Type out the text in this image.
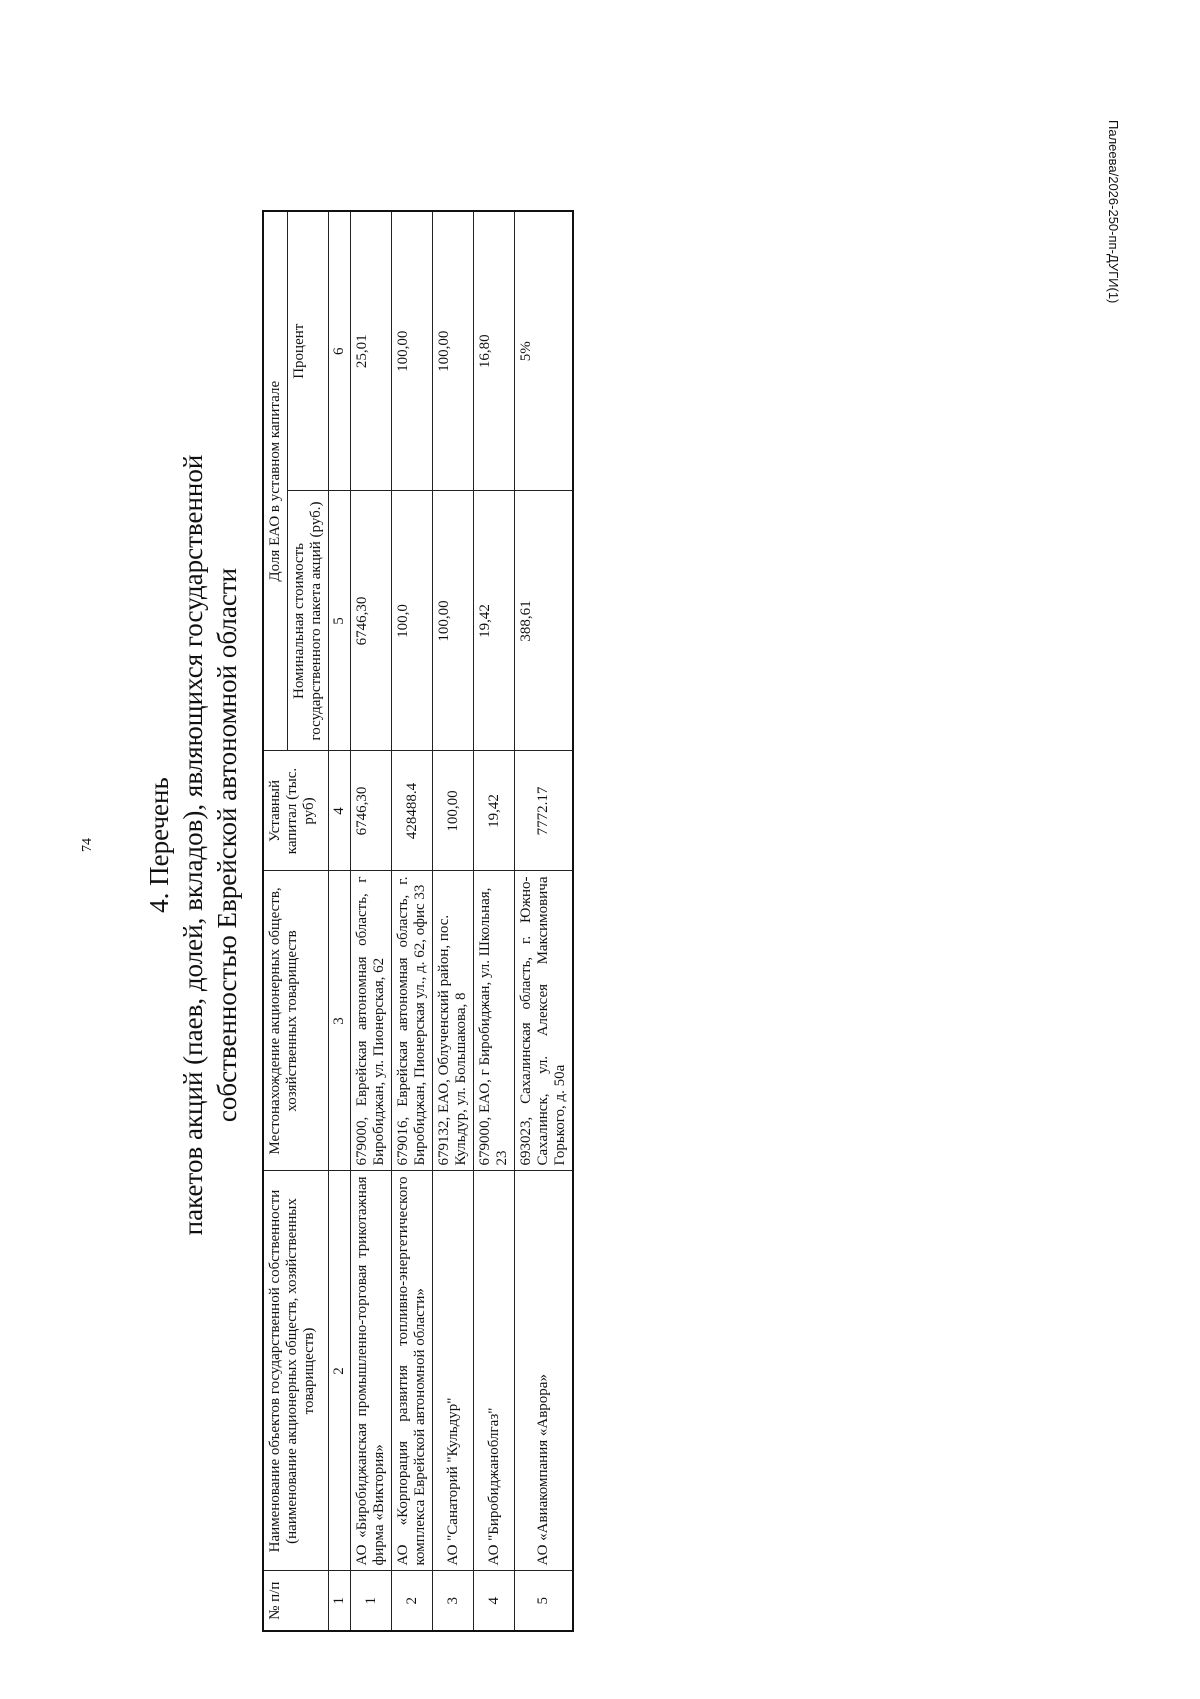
Палеева/2026-250-пп-ДУГИ(1)
74 4. Перечень пакетов акций (паев, долей, вкладов), являющихся государственной собственностью Еврейской автономной области
№ п/п	Наименование объектов государственной собственности (наименование акционерных обществ, хозяйственных товариществ)	Местонахождение акционерных обществ, хозяйственных товариществ	Уставный капитал (тыс. руб)	Доля ЕАО в уставном капитале	
				Номинальная стоимость государственного пакета акций (руб.)	Процент
1	2	3	4	5	6
1	АО «Биробиджанская промышленно-торговая трикотажная фирма «Виктория»	679000, Еврейская автономная область, г Биробиджан, ул. Пионерская, 62	6746,30	6746,30	25,01
2	АО «Корпорация развития топливно-энергетического комплекса Еврейской автономной области»	679016, Еврейская автономная область, г. Биробиджан, Пионерская ул., д. 62, офис 33	428488.4	100,0	100,00
3	АО "Санаторий "Кульдур"	679132, ЕАО, Облученский район, пос. Кульдур, ул. Большакова, 8	100,00	100,00	100,00
4	АО "Биробиджаноблгаз"	679000, ЕАО, г Биробиджан, ул. Школьная, 23	19,42	19,42	16,80
5	АО «Авиакомпания «Аврора»	693023, Сахалинская область, г. Южно-Сахалинск, ул. Алексея Максимовича Горького, д. 50а	7772.17	388,61	5%
